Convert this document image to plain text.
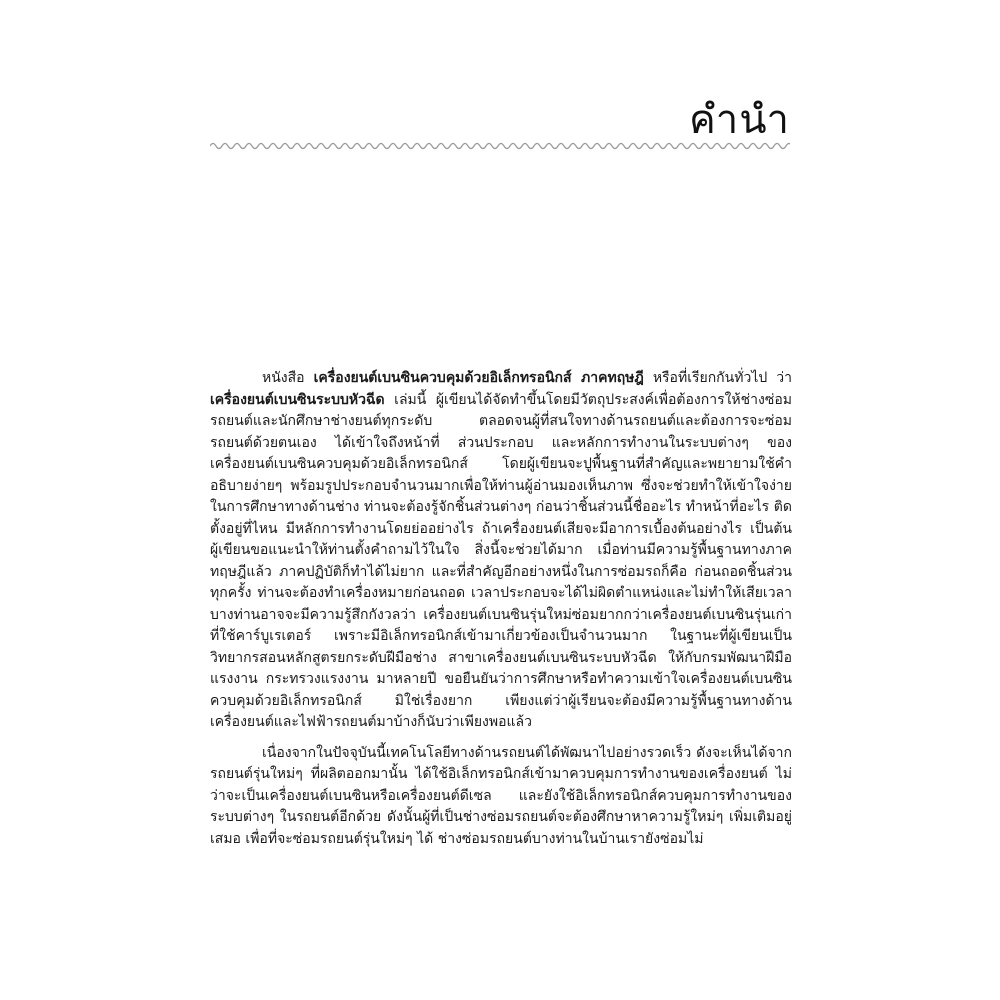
คำนำ

หนังสือ เครื่องยนต์เบนซินควบคุมด้วยอิเล็กทรอนิกส์ ภาคทฤษฎี หรือที่เรียกกันทั่วไป ว่า เครื่องยนต์เบนซินระบบหัวฉีด เล่มนี้ ผู้เขียนได้จัดทำขึ้นโดยมีวัตถุประสงค์เพื่อต้องการให้ช่างซ่อมรถยนต์และนักศึกษาช่างยนต์ทุกระดับ ตลอดจนผู้ที่สนใจทางด้านรถยนต์และต้องการจะซ่อมรถยนต์ด้วยตนเอง ได้เข้าใจถึงหน้าที่ ส่วนประกอบ และหลักการทำงานในระบบต่างๆ ของเครื่องยนต์เบนซินควบคุมด้วยอิเล็กทรอนิกส์ โดยผู้เขียนจะปูพื้นฐานที่สำคัญและพยายามใช้คำอธิบายง่ายๆ พร้อมรูปประกอบจำนวนมากเพื่อให้ท่านผู้อ่านมองเห็นภาพ ซึ่งจะช่วยทำให้เข้าใจง่าย ในการศึกษาทางด้านช่าง ท่านจะต้องรู้จักชิ้นส่วนต่างๆ ก่อนว่าชิ้นส่วนนี้ชื่ออะไร ทำหน้าที่อะไร ติดตั้งอยู่ที่ไหน มีหลักการทำงานโดยย่ออย่างไร ถ้าเครื่องยนต์เสียจะมีอาการเบื้องต้นอย่างไร เป็นต้น ผู้เขียนขอแนะนำให้ท่านตั้งคำถามไว้ในใจ สิ่งนี้จะช่วยได้มาก เมื่อท่านมีความรู้พื้นฐานทางภาคทฤษฎีแล้ว ภาคปฏิบัติก็ทำได้ไม่ยาก และที่สำคัญอีกอย่างหนึ่งในการซ่อมรถก็คือ ก่อนถอดชิ้นส่วนทุกครั้ง ท่านจะต้องทำเครื่องหมายก่อนถอด เวลาประกอบจะได้ไม่ผิดตำแหน่งและไม่ทำให้เสียเวลา บางท่านอาจจะมีความรู้สึกกังวลว่า เครื่องยนต์เบนซินรุ่นใหม่ซ่อมยากกว่าเครื่องยนต์เบนซินรุ่นเก่าที่ใช้คาร์บูเรเตอร์ เพราะมีอิเล็กทรอนิกส์เข้ามาเกี่ยวข้องเป็นจำนวนมาก ในฐานะที่ผู้เขียนเป็นวิทยากรสอนหลักสูตรยกระดับฝีมือช่าง สาขาเครื่องยนต์เบนซินระบบหัวฉีด ให้กับกรมพัฒนาฝีมือแรงงาน กระทรวงแรงงาน มาหลายปี ขอยืนยันว่าการศึกษาหรือทำความเข้าใจเครื่องยนต์เบนซินควบคุมด้วยอิเล็กทรอนิกส์ มิใช่เรื่องยาก เพียงแต่ว่าผู้เรียนจะต้องมีความรู้พื้นฐานทางด้านเครื่องยนต์และไฟฟ้ารถยนต์มาบ้างก็นับว่าเพียงพอแล้ว

เนื่องจากในปัจจุบันนี้เทคโนโลยีทางด้านรถยนต์ได้พัฒนาไปอย่างรวดเร็ว ดังจะเห็นได้จากรถยนต์รุ่นใหม่ๆ ที่ผลิตออกมานั้น ได้ใช้อิเล็กทรอนิกส์เข้ามาควบคุมการทำงานของเครื่องยนต์ ไม่ว่าจะเป็นเครื่องยนต์เบนซินหรือเครื่องยนต์ดีเซล และยังใช้อิเล็กทรอนิกส์ควบคุมการทำงานของระบบต่างๆ ในรถยนต์อีกด้วย ดังนั้นผู้ที่เป็นช่างซ่อมรถยนต์จะต้องศึกษาหาความรู้ใหม่ๆ เพิ่มเติมอยู่เสมอ เพื่อที่จะซ่อมรถยนต์รุ่นใหม่ๆ ได้ ช่างซ่อมรถยนต์บางท่านในบ้านเรายังซ่อมไม่
